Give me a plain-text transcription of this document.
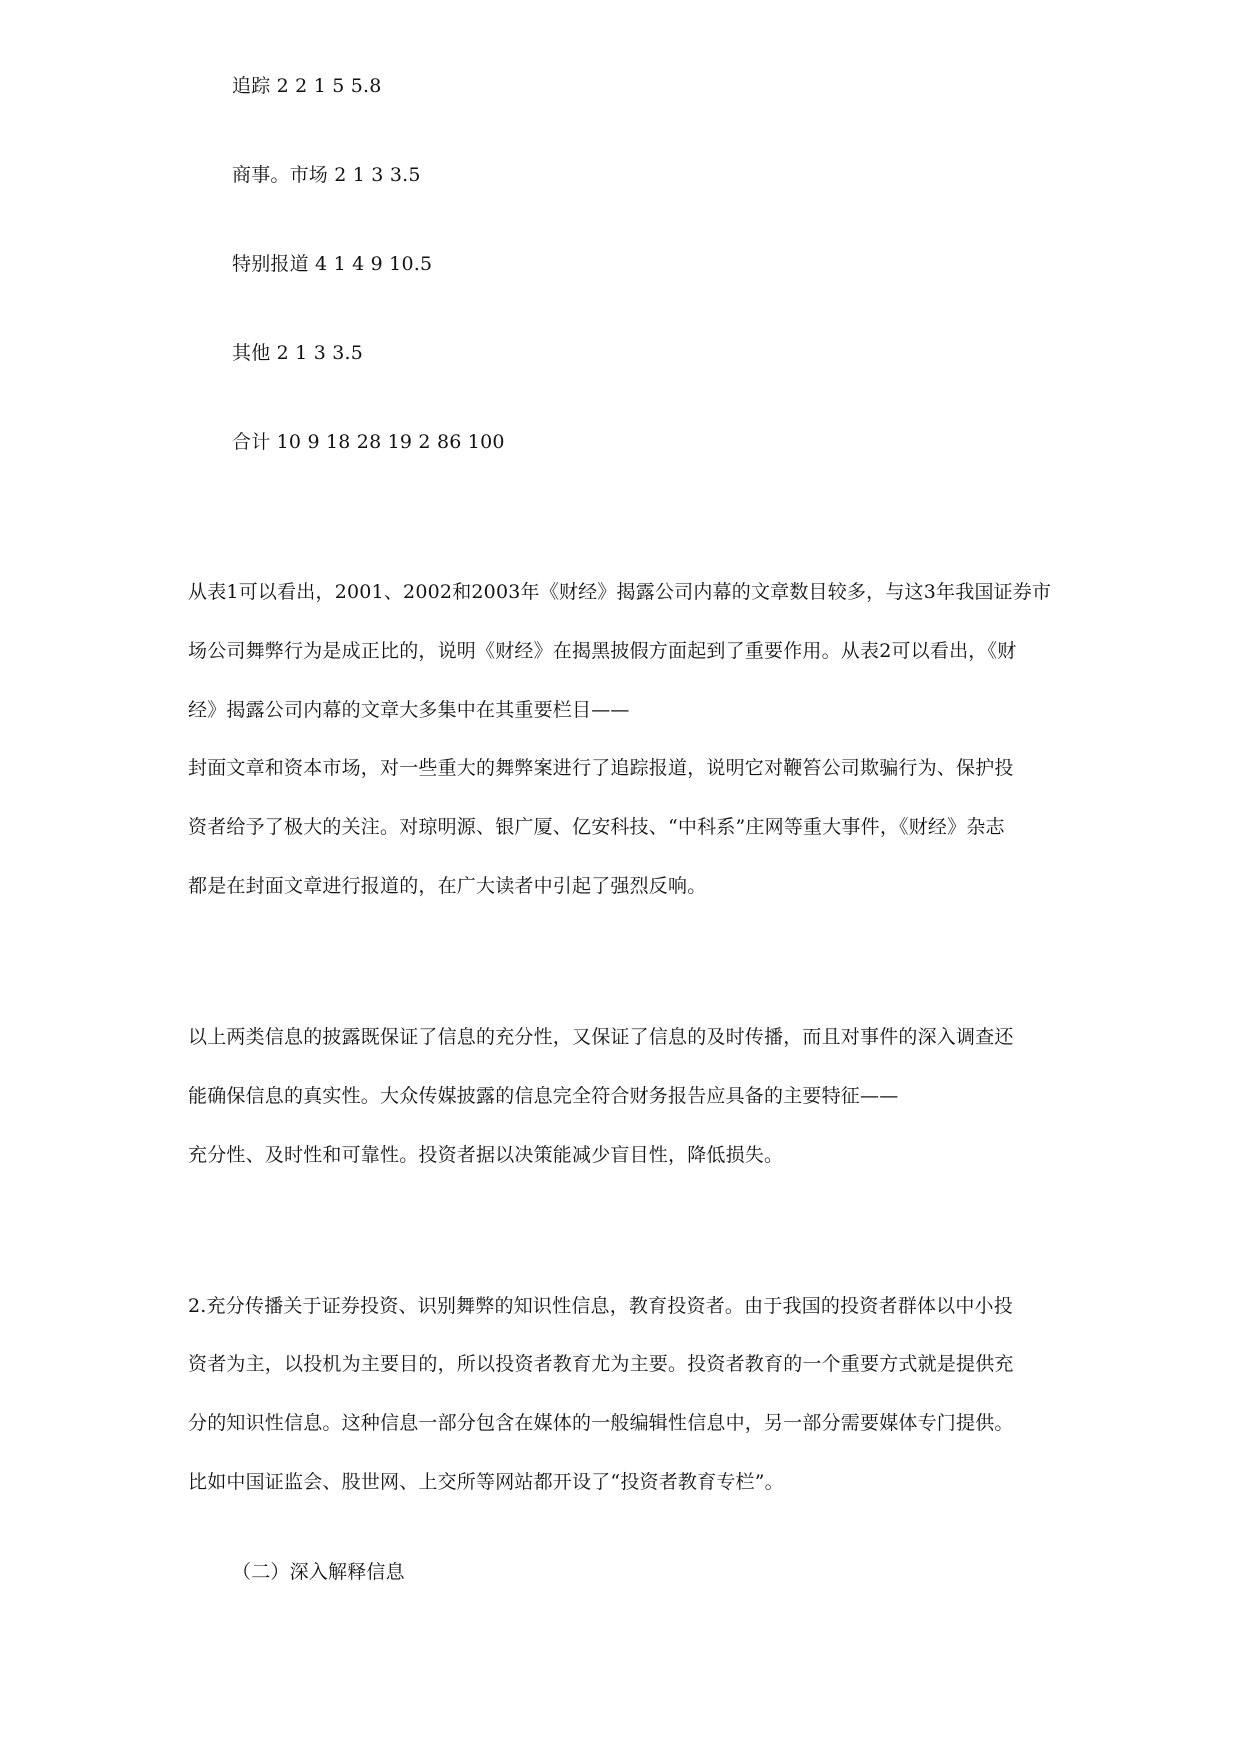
追踪 2 2 1 5 5.8
商事。市场 2 1 3 3.5
特别报道 4 1 4 9 10.5
其他 2 1 3 3.5
合计 10 9 18 28 19 2 86 100
从表1可以看出，2001、2002和2003年《财经》揭露公司内幕的文章数目较多，与这3年我国证券市
场公司舞弊行为是成正比的，说明《财经》在揭黑披假方面起到了重要作用。从表2可以看出，《财
经》揭露公司内幕的文章大多集中在其重要栏目——
封面文章和资本市场，对一些重大的舞弊案进行了追踪报道，说明它对鞭笞公司欺骗行为、保护投
资者给予了极大的关注。对琼明源、银广厦、亿安科技、“中科系”庄网等重大事件，《财经》杂志
都是在封面文章进行报道的，在广大读者中引起了强烈反响。
以上两类信息的披露既保证了信息的充分性，又保证了信息的及时传播，而且对事件的深入调查还
能确保信息的真实性。大众传媒披露的信息完全符合财务报告应具备的主要特征——
充分性、及时性和可靠性。投资者据以决策能减少盲目性，降低损失。
2.充分传播关于证券投资、识别舞弊的知识性信息，教育投资者。由于我国的投资者群体以中小投
资者为主，以投机为主要目的，所以投资者教育尤为主要。投资者教育的一个重要方式就是提供充
分的知识性信息。这种信息一部分包含在媒体的一般编辑性信息中，另一部分需要媒体专门提供。
比如中国证监会、股世网、上交所等网站都开设了“投资者教育专栏”。
（二）深入解释信息
